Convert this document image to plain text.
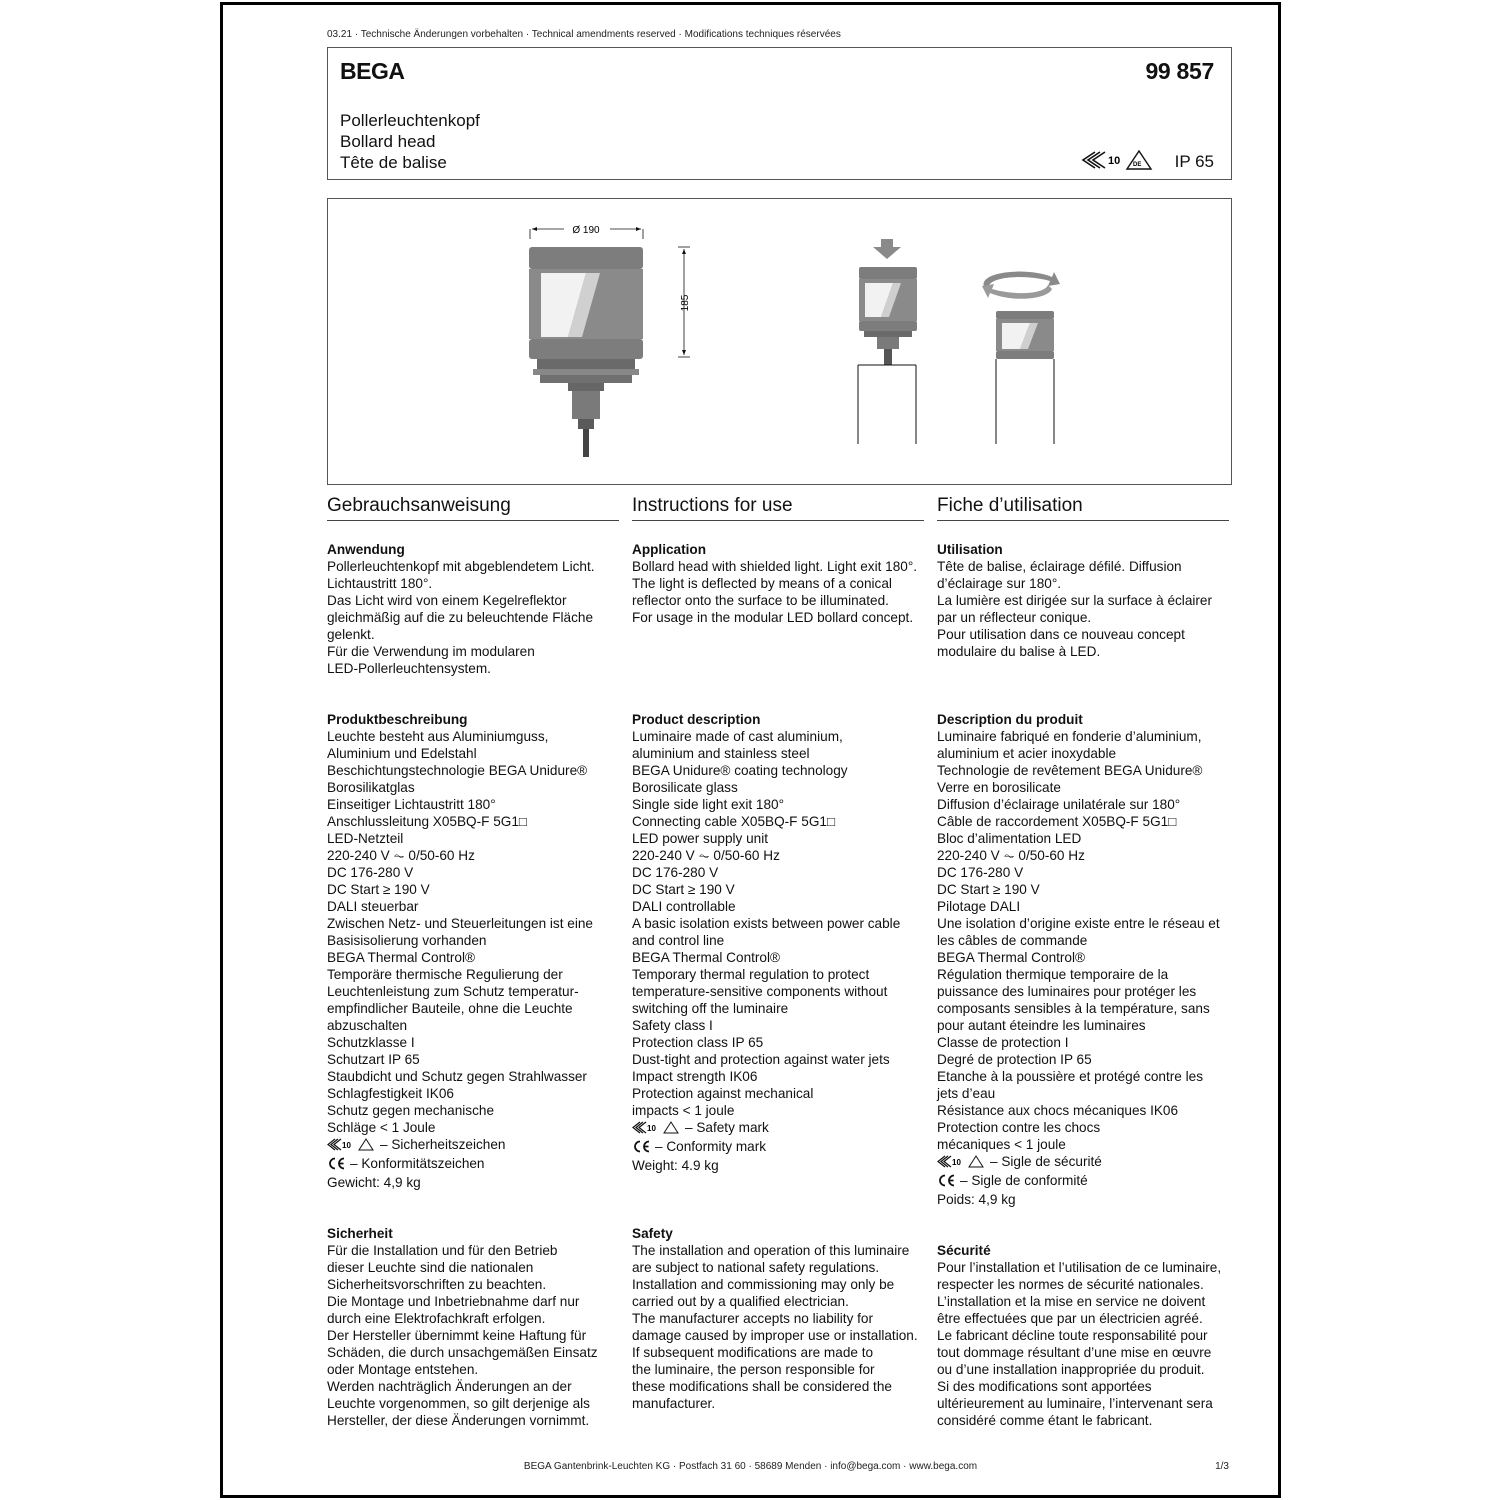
03.21 · Technische Änderungen vorbehalten · Technical amendments reserved · Modifications techniques réservées
BEGA	99 857
Pollerleuchtenkopf
Bollard head
Tête de balise	10 DE IP 65
Ø 190
185
Gebrauchsanweisung
Anwendung
Pollerleuchtenkopf mit abgeblendetem Licht.
Lichtaustritt 180°.
Das Licht wird von einem Kegelreflektor
gleichmäßig auf die zu beleuchtende Fläche
gelenkt.
Für die Verwendung im modularen
LED-Pollerleuchtensystem.
Produktbeschreibung
Leuchte besteht aus Aluminiumguss,
Aluminium und Edelstahl
Beschichtungstechnologie BEGA Unidure®
Borosilikatglas
Einseitiger Lichtaustritt 180°
Anschlussleitung X05BQ-F 5G1□
LED-Netzteil
220-240 V ⏦ 0/50-60 Hz
DC 176-280 V
DC Start ≥ 190 V
DALI steuerbar
Zwischen Netz- und Steuerleitungen ist eine
Basisisolierung vorhanden
BEGA Thermal Control®
Temporäre thermische Regulierung der
Leuchtenleistung zum Schutz temperatur-
empfindlicher Bauteile, ohne die Leuchte
abzuschalten
Schutzklasse I
Schutzart IP 65
Staubdicht und Schutz gegen Strahlwasser
Schlagfestigkeit IK06
Schutz gegen mechanische
Schläge < 1 Joule
10 – Sicherheitszeichen
– Konformitätszeichen
Gewicht: 4,9 kg
Sicherheit
Für die Installation und für den Betrieb
dieser Leuchte sind die nationalen
Sicherheitsvorschriften zu beachten.
Die Montage und Inbetriebnahme darf nur
durch eine Elektrofachkraft erfolgen.
Der Hersteller übernimmt keine Haftung für
Schäden, die durch unsachgemäßen Einsatz
oder Montage entstehen.
Werden nachträglich Änderungen an der
Leuchte vorgenommen, so gilt derjenige als
Hersteller, der diese Änderungen vornimmt.
Instructions for use
Application
Bollard head with shielded light. Light exit 180°.
The light is deflected by means of a conical
reflector onto the surface to be illuminated.
For usage in the modular LED bollard concept.
Product description
Luminaire made of cast aluminium,
aluminium and stainless steel
BEGA Unidure® coating technology
Borosilicate glass
Single side light exit 180°
Connecting cable X05BQ-F 5G1□
LED power supply unit
220-240 V ⏦ 0/50-60 Hz
DC 176-280 V
DC Start ≥ 190 V
DALI controllable
A basic isolation exists between power cable
and control line
BEGA Thermal Control®
Temporary thermal regulation to protect
temperature-sensitive components without
switching off the luminaire
Safety class I
Protection class IP 65
Dust-tight and protection against water jets
Impact strength IK06
Protection against mechanical
impacts < 1 joule
10 – Safety mark
– Conformity mark
Weight: 4.9 kg
Safety
The installation and operation of this luminaire
are subject to national safety regulations.
Installation and commissioning may only be
carried out by a qualified electrician.
The manufacturer accepts no liability for
damage caused by improper use or installation.
If subsequent modifications are made to
the luminaire, the person responsible for
these modifications shall be considered the
manufacturer.
Fiche d’utilisation
Utilisation
Tête de balise, éclairage défilé. Diffusion
d’éclairage sur 180°.
La lumière est dirigée sur la surface à éclairer
par un réflecteur conique.
Pour utilisation dans ce nouveau concept
modulaire du balise à LED.
Description du produit
Luminaire fabriqué en fonderie d’aluminium,
aluminium et acier inoxydable
Technologie de revêtement BEGA Unidure®
Verre en borosilicate
Diffusion d’éclairage unilatérale sur 180°
Câble de raccordement X05BQ-F 5G1□
Bloc d’alimentation LED
220-240 V ⏦ 0/50-60 Hz
DC 176-280 V
DC Start ≥ 190 V
Pilotage DALI
Une isolation d’origine existe entre le réseau et
les câbles de commande
BEGA Thermal Control®
Régulation thermique temporaire de la
puissance des luminaires pour protéger les
composants sensibles à la température, sans
pour autant éteindre les luminaires
Classe de protection I
Degré de protection IP 65
Etanche à la poussière et protégé contre les
jets d’eau
Résistance aux chocs mécaniques IK06
Protection contre les chocs
mécaniques < 1 joule
10 – Sigle de sécurité
– Sigle de conformité
Poids: 4,9 kg
Sécurité
Pour l’installation et l’utilisation de ce luminaire,
respecter les normes de sécurité nationales.
L’installation et la mise en service ne doivent
être effectuées que par un électricien agréé.
Le fabricant décline toute responsabilité pour
tout dommage résultant d’une mise en œuvre
ou d’une installation inappropriée du produit.
Si des modifications sont apportées
ultérieurement au luminaire, l’intervenant sera
considéré comme étant le fabricant.
BEGA Gantenbrink-Leuchten KG · Postfach 31 60 · 58689 Menden · info@bega.com · www.bega.com	1/3
